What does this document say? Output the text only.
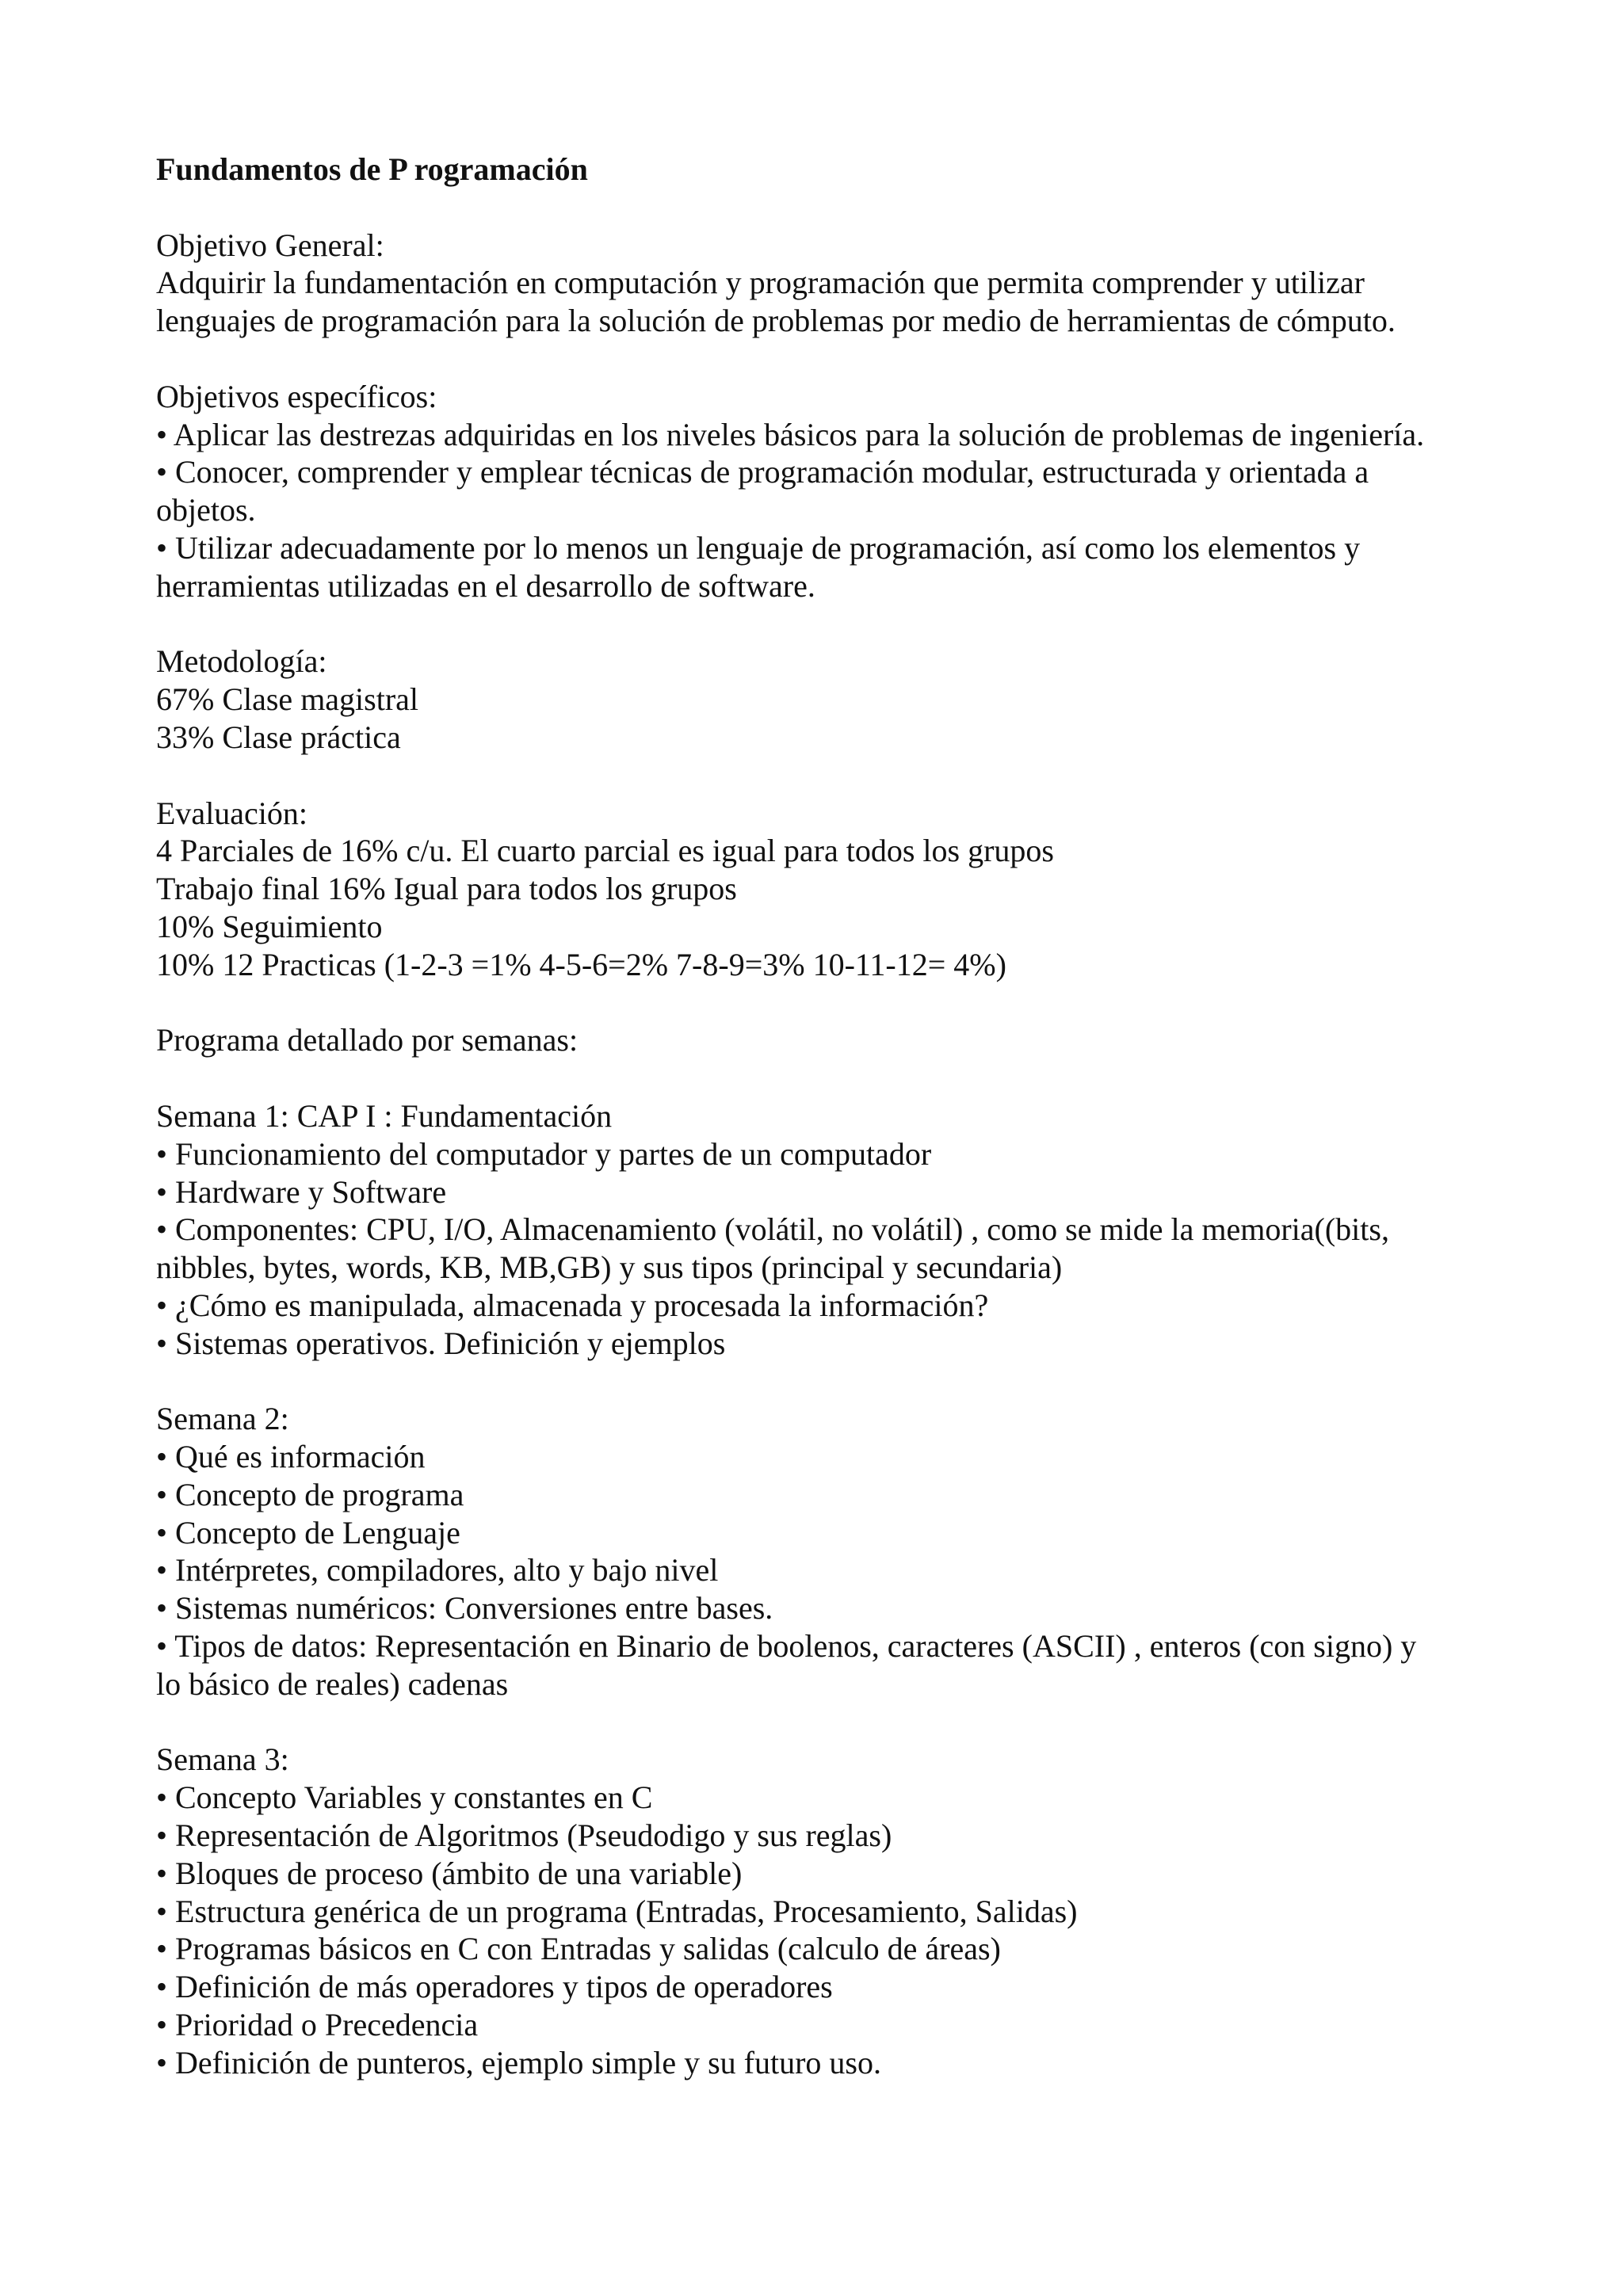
Fundamentos de P rogramación
Objetivo General:
Adquirir la fundamentación en computación y programación que permita comprender y utilizar
lenguajes de programación para la solución de problemas por medio de herramientas de cómputo.
Objetivos específicos:
• Aplicar las destrezas adquiridas en los niveles básicos para la solución de problemas de ingeniería.
• Conocer, comprender y emplear técnicas de programación modular, estructurada y orientada a
objetos.
• Utilizar adecuadamente por lo menos un lenguaje de programación, así como los elementos y
herramientas utilizadas en el desarrollo de software.
Metodología:
67% Clase magistral
33% Clase práctica
Evaluación:
4 Parciales de 16% c/u. El cuarto parcial es igual para todos los grupos
Trabajo final 16% Igual para todos los grupos
10% Seguimiento
10% 12 Practicas (1-2-3 =1% 4-5-6=2% 7-8-9=3% 10-11-12= 4%)
Programa detallado por semanas:
Semana 1: CAP I : Fundamentación
• Funcionamiento del computador y partes de un computador
• Hardware y Software
• Componentes: CPU, I/O, Almacenamiento (volátil, no volátil) , como se mide la memoria((bits,
nibbles, bytes, words, KB, MB,GB) y sus tipos (principal y secundaria)
• ¿Cómo es manipulada, almacenada y procesada la información?
• Sistemas operativos. Definición y ejemplos
Semana 2:
• Qué es información
• Concepto de programa
• Concepto de Lenguaje
• Intérpretes, compiladores, alto y bajo nivel
• Sistemas numéricos: Conversiones entre bases.
• Tipos de datos: Representación en Binario de boolenos, caracteres (ASCII) , enteros (con signo) y
lo básico de reales) cadenas
Semana 3:
• Concepto Variables y constantes en C
• Representación de Algoritmos (Pseudodigo y sus reglas)
• Bloques de proceso (ámbito de una variable)
• Estructura genérica de un programa (Entradas, Procesamiento, Salidas)
• Programas básicos en C con Entradas y salidas (calculo de áreas)
• Definición de más operadores y tipos de operadores
• Prioridad o Precedencia
• Definición de punteros, ejemplo simple y su futuro uso.
